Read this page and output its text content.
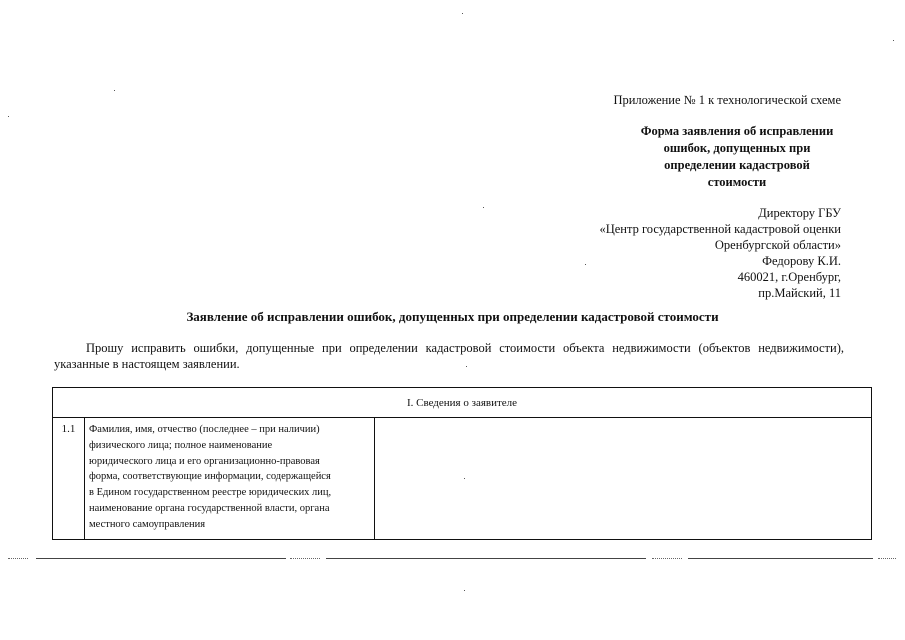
Приложение № 1 к технологической схеме
Форма заявления об исправлении
ошибок, допущенных при
определении кадастровой
стоимости
Директору ГБУ
«Центр государственной кадастровой оценки
Оренбургской области»
Федорову К.И.
460021, г.Оренбург,
пр.Майский, 11
Заявление об исправлении ошибок, допущенных при определении кадастровой стоимости
Прошу исправить ошибки, допущенные при определении кадастровой стоимости объекта недвижимости (объектов недвижимости),
указанные в настоящем заявлении.
I. Сведения о заявителе
1.1	Фамилия, имя, отчество (последнее – при наличии)
физического лица; полное наименование
юридического лица и его организационно-правовая
форма, соответствующие информации, содержащейся
в Едином государственном реестре юридических лиц,
наименование органа государственной власти, органа
местного самоуправления
